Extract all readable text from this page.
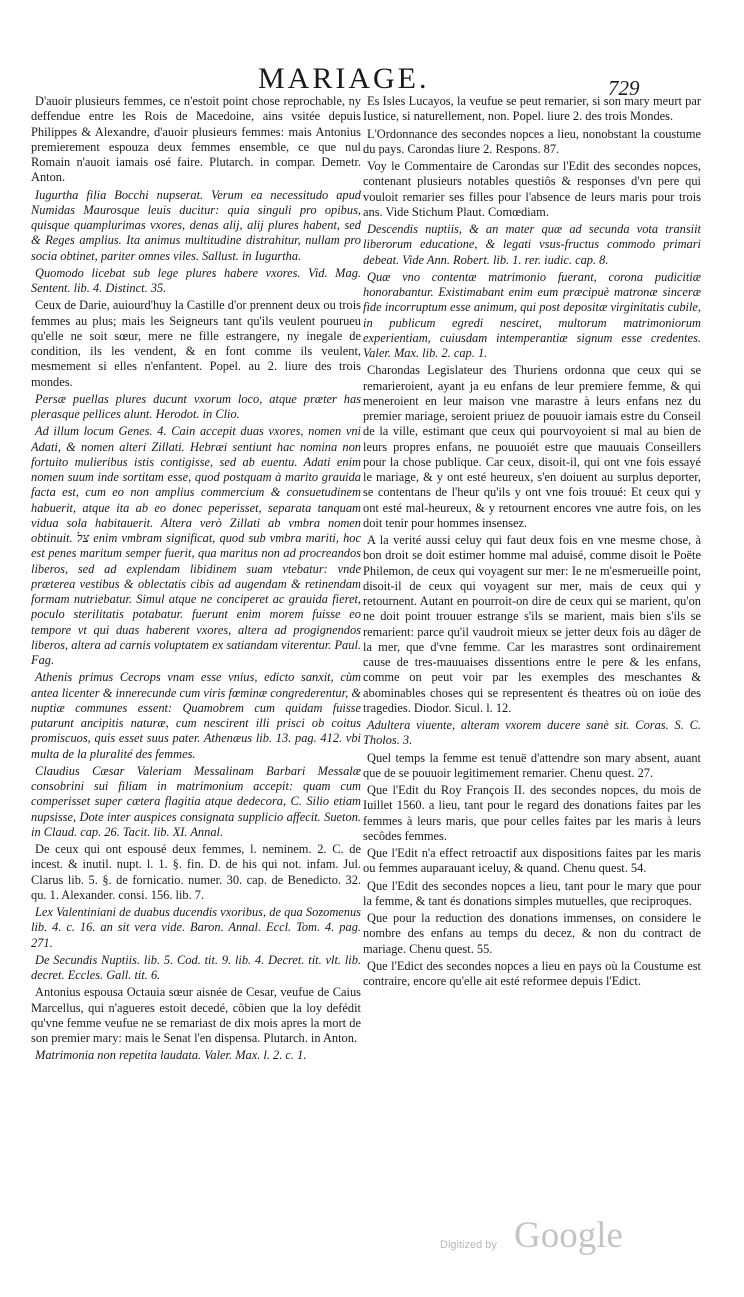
MARIAGE.	729

D'auoir plusieurs femmes, ce n'estoit point chose reprochable, ny deffendue entre les Rois de Macedoine, ains vsitée depuis Philippes & Alexandre, d'auoir plusieurs femmes: mais Antonius premierement espouza deux femmes ensemble, ce que nul Romain n'auoit iamais osé faire. Plutarch. in compar. Demetr. Anton.

Iugurtha filia Bocchi nupserat. Verum ea necessitudo apud Numidas Maurosque leuis ducitur: quia singuli pro opibus, quisque quamplurimas vxores, denas alij, alij plures habent, sed & Reges amplius. Ita animus multitudine distrahitur, nullam pro socia obtinet, pariter omnes viles. Sallust. in Iugurtha.

Quomodo licebat sub lege plures habere vxores. Vid. Mag. Sentent. lib. 4. Distinct. 35.

Ceux de Darie, auiourd'huy la Castille d'or prennent deux ou trois femmes au plus; mais les Seigneurs tant qu'ils veulent pourueu qu'elle ne soit sœur, mere ne fille estrangere, ny inegale de condition, ils les vendent, & en font comme ils veulent, mesmement si elles n'enfantent. Popel. au 2. liure des trois mondes.

Persæ puellas plures ducunt vxorum loco, atque præter has plerasque pellices alunt. Herodot. in Clio.

Ad illum locum Genes. 4. Cain accepit duas vxores, nomen vni Adati, & nomen alteri Zillati. Hebræi sentiunt hac nomina non fortuito mulieribus istis contigisse, sed ab euentu. Adati enim nomen suum inde sortitam esse, quod postquam à marito grauida facta est, cum eo non amplius commercium & consuetudinem habuerit, atque ita ab eo donec peperisset, separata tanquam vidua sola habitauerit. Altera verò Zillati ab vmbra nomen obtinuit. צל enim vmbram significat, quod sub vmbra mariti, hoc est penes maritum semper fuerit, qua maritus non ad procreandos liberos, sed ad explendam libidinem suam vtebatur: vnde præterea vestibus & oblectatis cibis ad augendam & retinendam formam nutriebatur. Simul atque ne conciperet ac grauida fieret, poculo sterilitatis potabatur. fuerunt enim morem fuisse eo tempore vt qui duas haberent vxores, altera ad progignendos liberos, altera ad carnis voluptatem ex satiandam viterentur. Paul. Fag.

Athenis primus Cecrops vnam esse vnius, edicto sanxit, cùm antea licenter & innerecunde cum viris fœminæ congrederentur, & nuptiæ communes essent: Quamobrem cum quidam fuisse putarunt ancipitis naturæ, cum nescirent illi prisci ob coitus promiscuos, quis esset suus pater. Athenæus lib. 13. pag. 412. vbi multa de la pluralité des femmes.

Claudius Cæsar Valeriam Messalinam Barbari Messalæ consobrini sui filiam in matrimonium accepit: quam cum comperisset super cætera flagitia atque dedecora, C. Silio etiam nupsisse, Dote inter auspices consignata supplicio affecit. Sueton. in Claud. cap. 26. Tacit. lib. XI. Annal.

De ceux qui ont espousé deux femmes, l. neminem. 2. C. de incest. & inutil. nupt. l. 1. §. fin. D. de his qui not. infam. Jul. Clarus lib. 5. §. de fornicatio. numer. 30. cap. de Benedicto. 32. qu. 1. Alexander. consi. 156. lib. 7.

Lex Valentiniani de duabus ducendis vxoribus, de qua Sozomenus lib. 4. c. 16. an sit vera vide. Baron. Annal. Eccl. Tom. 4. pag. 271.

De Secundis Nuptiis. lib. 5. Cod. tit. 9. lib. 4. Decret. tit. vlt. lib. decret. Eccles. Gall. tit. 6.

Antonius espousa Octauia sœur aisnée de Cesar, veufue de Caius Marcellus, qui n'agueres estoit decedé, côbien que la loy defédit qu'vne femme veufue ne se remariast de dix mois apres la mort de son premier mary: mais le Senat l'en dispensa. Plutarch. in Anton.

Matrimonia non repetita laudata. Valer. Max. l. 2. c. 1.

Es Isles Lucayos, la veufue se peut remarier, si son mary meurt par Iustice, si naturellement, non. Popel. liure 2. des trois Mondes.

L'Ordonnance des secondes nopces a lieu, nonobstant la coustume du pays. Carondas liure 2. Respons. 87.

Voy le Commentaire de Carondas sur l'Edit des secondes nopces, contenant plusieurs notables questiôs & responses d'vn pere qui vouloit remarier ses filles pour l'absence de leurs maris pour trois ans. Vide Stichum Plaut. Comœdiam.

Descendis nuptiis, & an mater quæ ad secunda vota transiit liberorum educatione, & legati vsus-fructus commodo primari debeat. Vide Ann. Robert. lib. 1. rer. iudic. cap. 8.

Quæ vno contentæ matrimonio fuerant, corona pudicitiæ honorabantur. Existimabant enim eum præcipuè matronæ sinceræ fide incorruptum esse animum, qui post depositæ virginitatis cubile, in publicum egredi nesciret, multorum matrimoniorum experientiam, cuiusdam intemperantiæ signum esse credentes. Valer. Max. lib. 2. cap. 1.

Charondas Legislateur des Thuriens ordonna que ceux qui se remarieroient, ayant ja eu enfans de leur premiere femme, & qui meneroient en leur maison vne marastre à leurs enfans nez du premier mariage, seroient priuez de pouuoir iamais estre du Conseil de la ville, estimant que ceux qui pourvoyoient si mal au bien de leurs propres enfans, ne pouuoiét estre que mauuais Conseillers pour la chose publique. Car ceux, disoit-il, qui ont vne fois essayé le mariage, & y ont esté heureux, s'en doiuent au surplus deporter, se contentans de l'heur qu'ils y ont vne fois trouué: Et ceux qui y ont esté mal-heureux, & y retournent encores vne autre fois, on les doit tenir pour hommes insensez.

A la verité aussi celuy qui faut deux fois en vne mesme chose, à bon droit se doit estimer homme mal aduisé, comme disoit le Poëte Philemon, de ceux qui voyagent sur mer: Ie ne m'esmerueille point, disoit-il de ceux qui voyagent sur mer, mais de ceux qui y retournent. Autant en pourroit-on dire de ceux qui se marient, qu'on ne doit point trouuer estrange s'ils se marient, mais bien s'ils se remarient: parce qu'il vaudroit mieux se jetter deux fois au dâger de la mer, que d'vne femme. Car les marastres sont ordinairement cause de tres-mauuaises dissentions entre le pere & les enfans, comme on peut voir par les exemples des meschantes & abominables choses qui se representent és theatres où on ioüe des tragedies. Diodor. Sicul. l. 12.

Adultera viuente, alteram vxorem ducere sanè sit. Coras. S. C. Tholos. 3.

Quel temps la femme est tenuë d'attendre son mary absent, auant que de se pouuoir legitimement remarier. Chenu quest. 27.

Que l'Edit du Roy François II. des secondes nopces, du mois de Iuillet 1560. a lieu, tant pour le regard des donations faites par les femmes à leurs maris, que pour celles faites par les maris à leurs secôdes femmes.

Que l'Edit n'a effect retroactif aux dispositions faites par les maris ou femmes auparauant iceluy, & quand. Chenu quest. 54.

Que l'Edit des secondes nopces a lieu, tant pour le mary que pour la femme, & tant és donations simples mutuelles, que reciproques.

Que pour la reduction des donations immenses, on considere le nombre des enfans au temps du decez, & non du contract de mariage. Chenu quest. 55.

Que l'Edict des secondes nopces a lieu en pays où la Coustume est contraire, encore qu'elle ait esté reformee depuis l'Edict.

Digitized by Google
